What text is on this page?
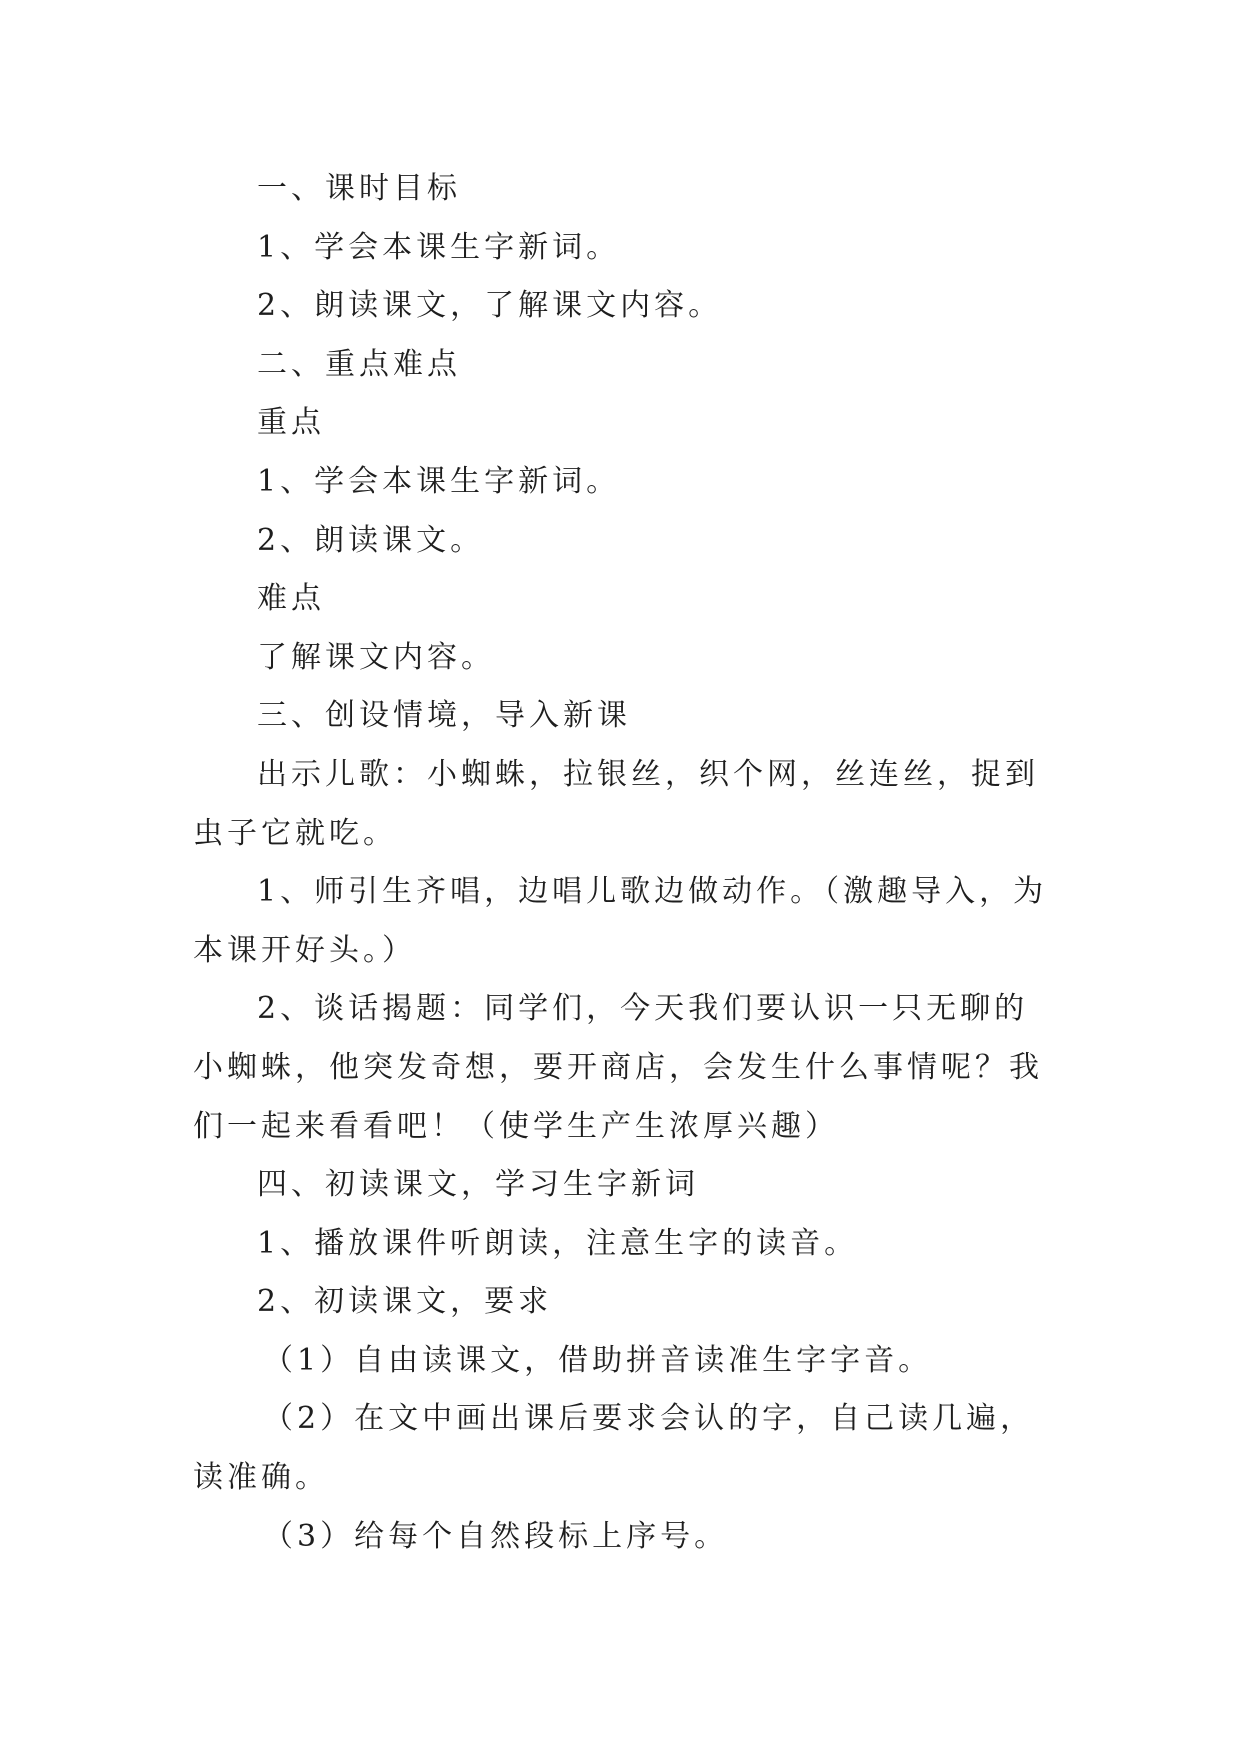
一、课时目标

1、学会本课生字新词。

2、朗读课文，了解课文内容。

二、重点难点

重点

1、学会本课生字新词。

2、朗读课文。

难点

了解课文内容。

三、创设情境，导入新课

出示儿歌：小蜘蛛，拉银丝，织个网，丝连丝，捉到虫子它就吃。

1、师引生齐唱，边唱儿歌边做动作。（激趣导入，为本课开好头。）

2、谈话揭题：同学们，今天我们要认识一只无聊的小蜘蛛，他突发奇想，要开商店，会发生什么事情呢？我们一起来看看吧！（使学生产生浓厚兴趣）

四、初读课文，学习生字新词

1、播放课件听朗读，注意生字的读音。

2、初读课文，要求

（1）自由读课文，借助拼音读准生字字音。

（2）在文中画出课后要求会认的字，自己读几遍，读准确。

（3）给每个自然段标上序号。
